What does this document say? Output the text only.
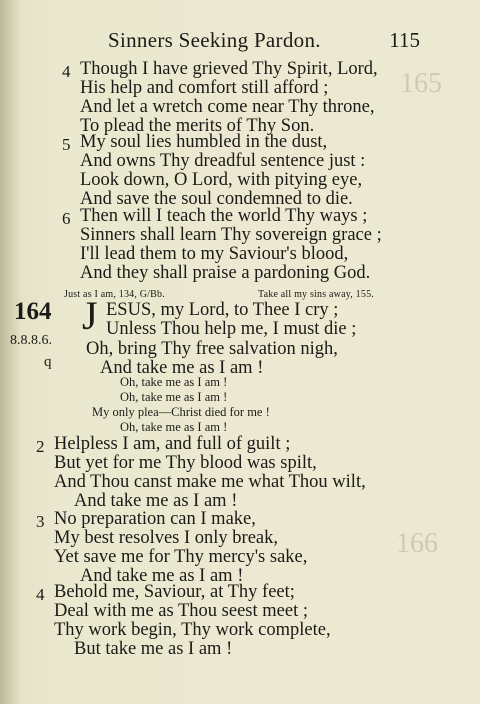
165
166
Sinners Seeking Pardon.	115
4 Though I have grieved Thy Spirit, Lord,
His help and comfort still afford ;
And let a wretch come near Thy throne,
To plead the merits of Thy Son.
5 My soul lies humbled in the dust,
And owns Thy dreadful sentence just :
Look down, O Lord, with pitying eye,
And save the soul condemned to die.
6 Then will I teach the world Thy ways ;
Sinners shall learn Thy sovereign grace ;
I'll lead them to my Saviour's blood,
And they shall praise a pardoning God.
Just as I am, 134, G/Bb.	Take all my sins away, 155.
164
8.8.8.6.
q
J ESUS, my Lord, to Thee I cry ;
Unless Thou help me, I must die ;
Oh, bring Thy free salvation nigh,
And take me as I am !
Oh, take me as I am !
Oh, take me as I am !
My only plea—Christ died for me !
Oh, take me as I am !
2 Helpless I am, and full of guilt ;
But yet for me Thy blood was spilt,
And Thou canst make me what Thou wilt,
And take me as I am !
3 No preparation can I make,
My best resolves I only break,
Yet save me for Thy mercy's sake,
And take me as I am !
4 Behold me, Saviour, at Thy feet;
Deal with me as Thou seest meet ;
Thy work begin, Thy work complete,
But take me as I am !
